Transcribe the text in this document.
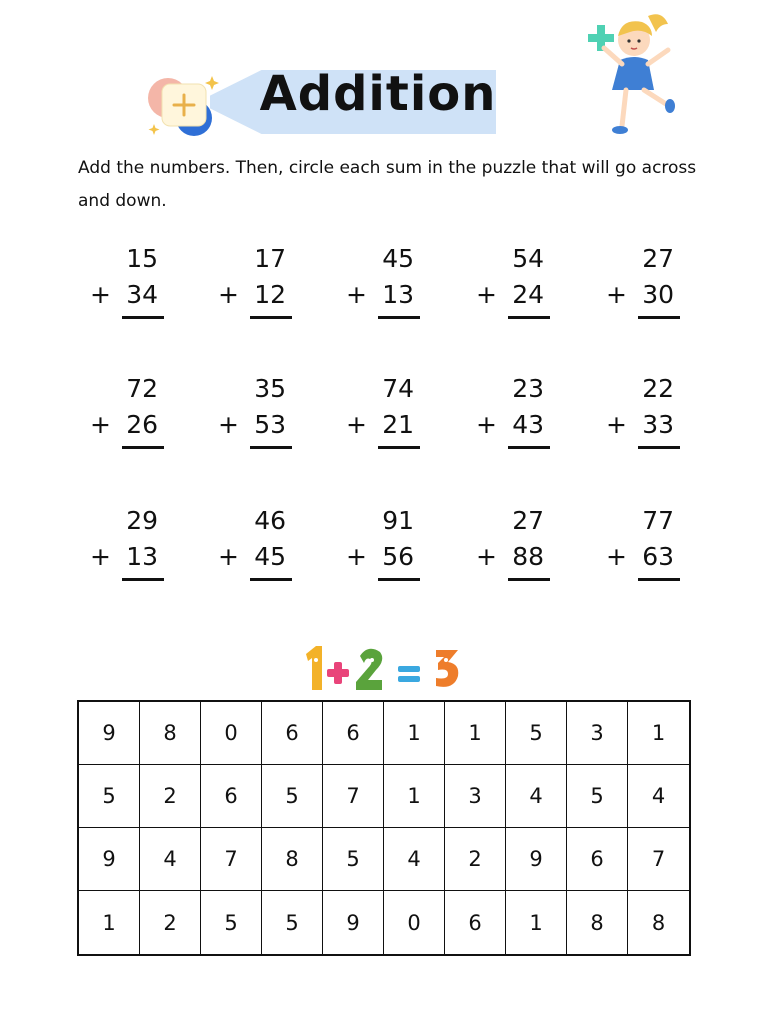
Addition
Add the numbers. Then, circle each sum in the puzzle that will go across and down.
15
+ 34
17
+ 12
45
+ 13
54
+ 24
27
+ 30
72
+ 26
35
+ 53
74
+ 21
23
+ 43
22
+ 33
29
+ 13
46
+ 45
91
+ 56
27
+ 88
77
+ 63
9	8	0	6	6	1	1	5	3	1
5	2	6	5	7	1	3	4	5	4
9	4	7	8	5	4	2	9	6	7
1	2	5	5	9	0	6	1	8	8
